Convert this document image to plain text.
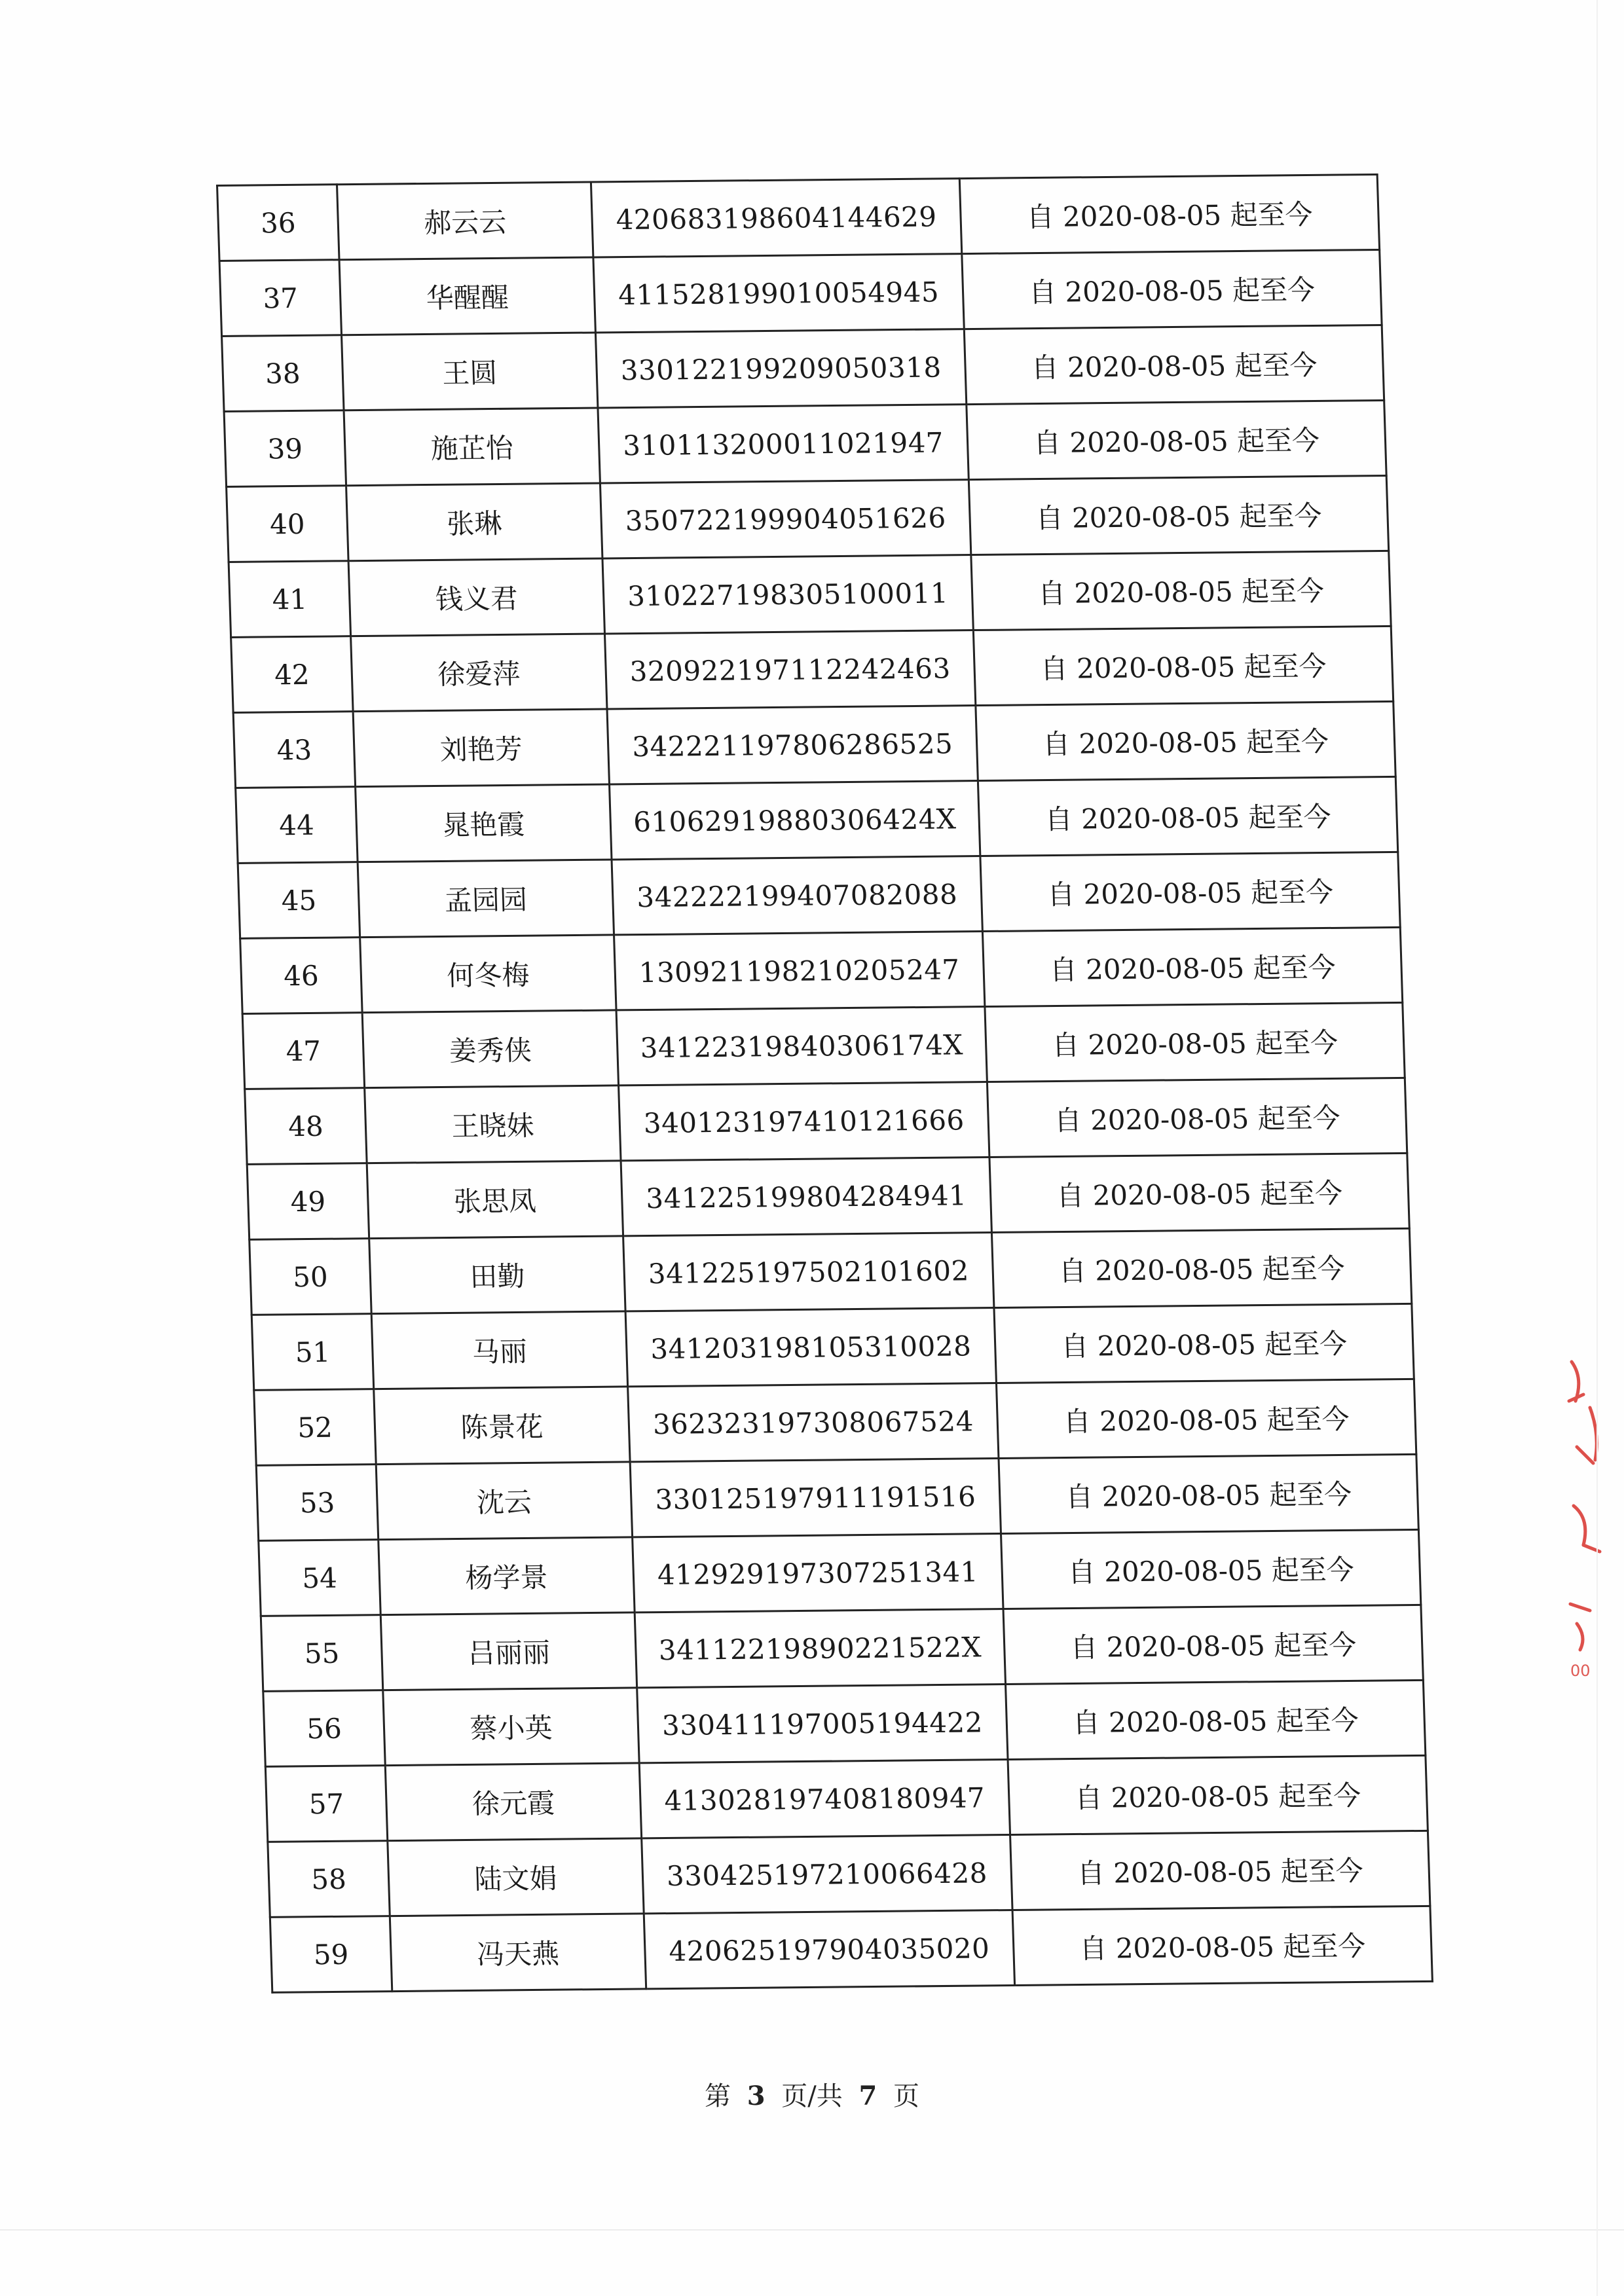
36	郝云云	420683198604144629	自 2020-08-05 起至今
37	华醒醒	411528199010054945	自 2020-08-05 起至今
38	王圆	330122199209050318	自 2020-08-05 起至今
39	施芷怡	310113200011021947	自 2020-08-05 起至今
40	张琳	350722199904051626	自 2020-08-05 起至今
41	钱义君	310227198305100011	自 2020-08-05 起至今
42	徐爱萍	320922197112242463	自 2020-08-05 起至今
43	刘艳芳	342221197806286525	自 2020-08-05 起至今
44	晁艳霞	61062919880306424X	自 2020-08-05 起至今
45	孟园园	342222199407082088	自 2020-08-05 起至今
46	何冬梅	130921198210205247	自 2020-08-05 起至今
47	姜秀侠	34122319840306174X	自 2020-08-05 起至今
48	王晓妹	340123197410121666	自 2020-08-05 起至今
49	张思凤	341225199804284941	自 2020-08-05 起至今
50	田勤	341225197502101602	自 2020-08-05 起至今
51	马丽	341203198105310028	自 2020-08-05 起至今
52	陈景花	362323197308067524	自 2020-08-05 起至今
53	沈云	330125197911191516	自 2020-08-05 起至今
54	杨学景	412929197307251341	自 2020-08-05 起至今
55	吕丽丽	34112219890221522X	自 2020-08-05 起至今
56	蔡小英	330411197005194422	自 2020-08-05 起至今
57	徐元霞	413028197408180947	自 2020-08-05 起至今
58	陆文娟	330425197210066428	自 2020-08-05 起至今
59	冯天燕	420625197904035020	自 2020-08-05 起至今
第 3 页/共 7 页
00
